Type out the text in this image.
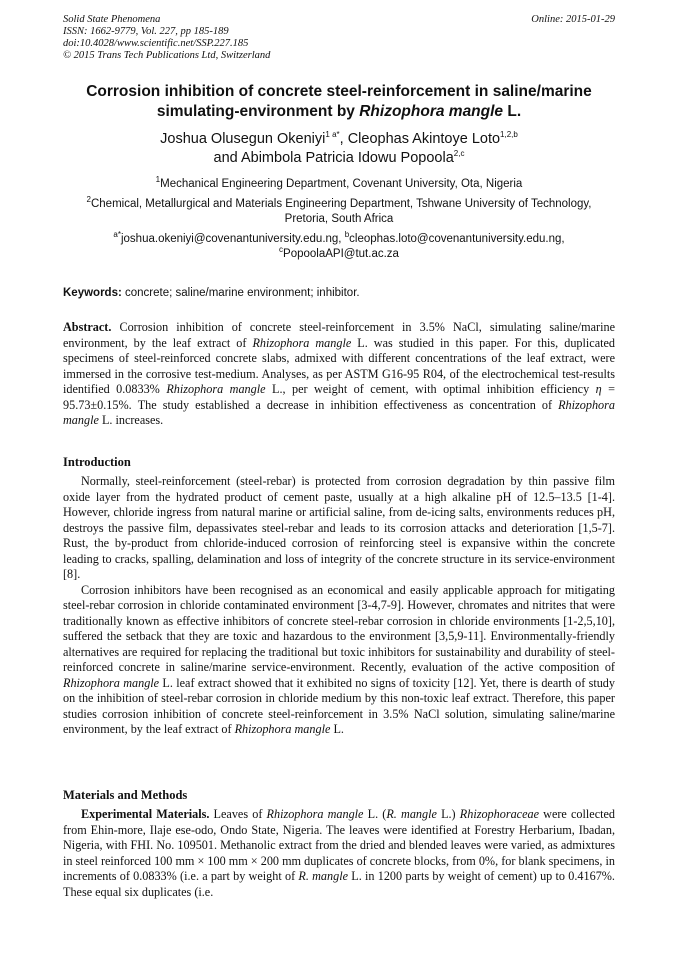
Solid State Phenomena
ISSN: 1662-9779, Vol. 227, pp 185-189
doi:10.4028/www.scientific.net/SSP.227.185
© 2015 Trans Tech Publications Ltd, Switzerland
Online: 2015-01-29
Corrosion inhibition of concrete steel-reinforcement in saline/marine simulating-environment by Rhizophora mangle L.
Joshua Olusegun Okeniyi$^{1 a*}$, Cleophas Akintoye Loto$^{1,2,b}$
and Abimbola Patricia Idowu Popoola$^{2,c}$
$^1$Mechanical Engineering Department, Covenant University, Ota, Nigeria
$^2$Chemical, Metallurgical and Materials Engineering Department, Tshwane University of Technology, Pretoria, South Africa
$^{a*}$joshua.okeniyi@covenantuniversity.edu.ng, $^b$cleophas.loto@covenantuniversity.edu.ng,
$^c$PopoolaAPI@tut.ac.za
Keywords: concrete; saline/marine environment; inhibitor.
Abstract. Corrosion inhibition of concrete steel-reinforcement in 3.5% NaCl, simulating saline/marine environment, by the leaf extract of Rhizophora mangle L. was studied in this paper. For this, duplicated specimens of steel-reinforced concrete slabs, admixed with different concentrations of the leaf extract, were immersed in the corrosive test-medium. Analyses, as per ASTM G16-95 R04, of the electrochemical test-results identified 0.0833% Rhizophora mangle L., per weight of cement, with optimal inhibition efficiency η = 95.73±0.15%. The study established a decrease in inhibition effectiveness as concentration of Rhizophora mangle L. increases.
Introduction

Normally, steel-reinforcement (steel-rebar) is protected from corrosion degradation by thin passive film oxide layer from the hydrated product of cement paste, usually at a high alkaline pH of 12.5–13.5 [1-4]. However, chloride ingress from natural marine or artificial saline, from de-icing salts, environments reduces pH, destroys the passive film, depassivates steel-rebar and leads to its corrosion attacks and deterioration [1,5-7]. Rust, the by-product from chloride-induced corrosion of reinforcing steel is expansive within the concrete leading to cracks, spalling, delamination and loss of integrity of the concrete structure in its service-environment [8].

Corrosion inhibitors have been recognised as an economical and easily applicable approach for mitigating steel-rebar corrosion in chloride contaminated environment [3-4,7-9]. However, chromates and nitrites that were traditionally known as effective inhibitors of concrete steel-rebar corrosion in chloride environments [1-2,5,10], suffered the setback that they are toxic and hazardous to the environment [3,5,9-11]. Environmentally-friendly alternatives are required for replacing the traditional but toxic inhibitors for sustainability and durability of steel-reinforced concrete in saline/marine service-environment. Recently, evaluation of the active composition of Rhizophora mangle L. leaf extract showed that it exhibited no signs of toxicity [12]. Yet, there is dearth of study on the inhibition of steel-rebar corrosion in chloride medium by this non-toxic leaf extract. Therefore, this paper studies corrosion inhibition of concrete steel-reinforcement in 3.5% NaCl solution, simulating saline/marine environment, by the leaf extract of Rhizophora mangle L.

Materials and Methods
Experimental Materials. Leaves of Rhizophora mangle L. (R. mangle L.) Rhizophoraceae were collected from Ehin-more, Ilaje ese-odo, Ondo State, Nigeria. The leaves were identified at Forestry Herbarium, Ibadan, Nigeria, with FHI. No. 109501. Methanolic extract from the dried and blended leaves were varied, as admixtures in steel reinforced 100 mm × 100 mm × 200 mm duplicates of concrete blocks, from 0%, for blank specimens, in increments of 0.0833% (i.e. a part by weight of R. mangle L. in 1200 parts by weight of cement) up to 0.4167%. These equal six duplicates (i.e.
